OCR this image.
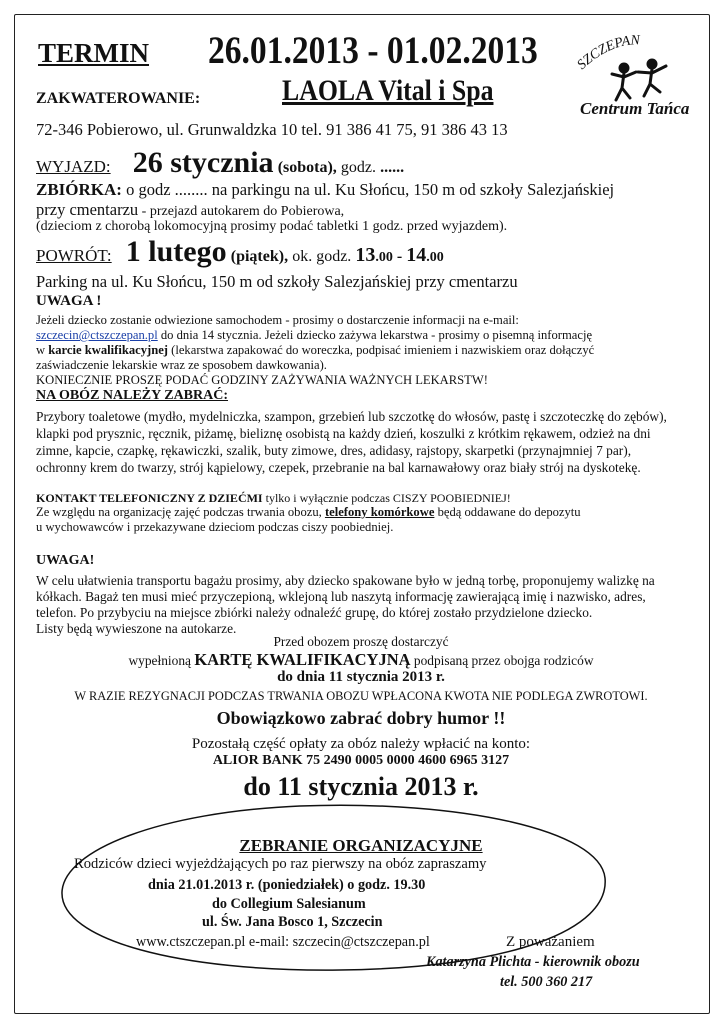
TERMIN 26.01.2013 - 01.02.2013
ZAKWATEROWANIE:	LAOLA Vital i Spa
72-346 Pobierowo, ul. Grunwaldzka 10 tel. 91 386 41 75, 91 386 43 13
SZCZEPAN
Centrum Tańca
WYJAZD: 26 stycznia (sobota), godz. ......
ZBIÓRKA: o godz ........ na parkingu na ul. Ku Słońcu, 150 m od szkoły Salezjańskiej
przy cmentarzu - przejazd autokarem do Pobierowa,
(dzieciom z chorobą lokomocyjną prosimy podać tabletki 1 godz. przed wyjazdem).
POWRÓT: 1 lutego (piątek), ok. godz. 13.00 - 14.00
Parking na ul. Ku Słońcu, 150 m od szkoły Salezjańskiej przy cmentarzu
UWAGA !
Jeżeli dziecko zostanie odwiezione samochodem - prosimy o dostarczenie informacji na e-mail:
szczecin@ctszczepan.pl do dnia 14 stycznia. Jeżeli dziecko zażywa lekarstwa - prosimy o pisemną informację
w karcie kwalifikacyjnej (lekarstwa zapakować do woreczka, podpisać imieniem i nazwiskiem oraz dołączyć
zaświadczenie lekarskie wraz ze sposobem dawkowania).
KONIECZNIE PROSZĘ PODAĆ GODZINY ZAŻYWANIA WAŻNYCH LEKARSTW!
NA OBÓZ NALEŻY ZABRAĆ:
Przybory toaletowe (mydło, mydelniczka, szampon, grzebień lub szczotkę do włosów, pastę i szczoteczkę do zębów),
klapki pod prysznic, ręcznik, piżamę, bieliznę osobistą na każdy dzień, koszulki z krótkim rękawem, odzież na dni
zimne, kapcie, czapkę, rękawiczki, szalik, buty zimowe, dres, adidasy, rajstopy, skarpetki (przynajmniej 7 par),
ochronny krem do twarzy, strój kąpielowy, czepek, przebranie na bal karnawałowy oraz biały strój na dyskotekę.
KONTAKT TELEFONICZNY Z DZIEĆMI tylko i wyłącznie podczas CISZY POOBIEDNIEJ!
Ze względu na organizację zajęć podczas trwania obozu, telefony komórkowe będą oddawane do depozytu
u wychowawców i przekazywane dzieciom podczas ciszy poobiedniej.
UWAGA!
W celu ułatwienia transportu bagażu prosimy, aby dziecko spakowane było w jedną torbę, proponujemy walizkę na
kółkach. Bagaż ten musi mieć przyczepioną, wklejoną lub naszytą informację zawierającą imię i nazwisko, adres,
telefon. Po przybyciu na miejsce zbiórki należy odnaleźć grupę, do której zostało przydzielone dziecko.
Listy będą wywieszone na autokarze.
Przed obozem proszę dostarczyć
wypełnioną KARTĘ KWALIFIKACYJNĄ podpisaną przez obojga rodziców
do dnia 11 stycznia 2013 r.
W RAZIE REZYGNACJI PODCZAS TRWANIA OBOZU WPŁACONA KWOTA NIE PODLEGA ZWROTOWI.
Obowiązkowo zabrać dobry humor !!
Pozostałą część opłaty za obóz należy wpłacić na konto:
ALIOR BANK 75 2490 0005 0000 4600 6965 3127
do 11 stycznia 2013 r.
ZEBRANIE ORGANIZACYJNE
Rodziców dzieci wyjeżdżających po raz pierwszy na obóz zapraszamy
dnia 21.01.2013 r. (poniedziałek) o godz. 19.30
do Collegium Salesianum
ul. Św. Jana Bosco 1, Szczecin
www.ctszczepan.pl e-mail: szczecin@ctszczepan.pl	Z poważaniem
Katarzyna Plichta - kierownik obozu
tel. 500 360 217
